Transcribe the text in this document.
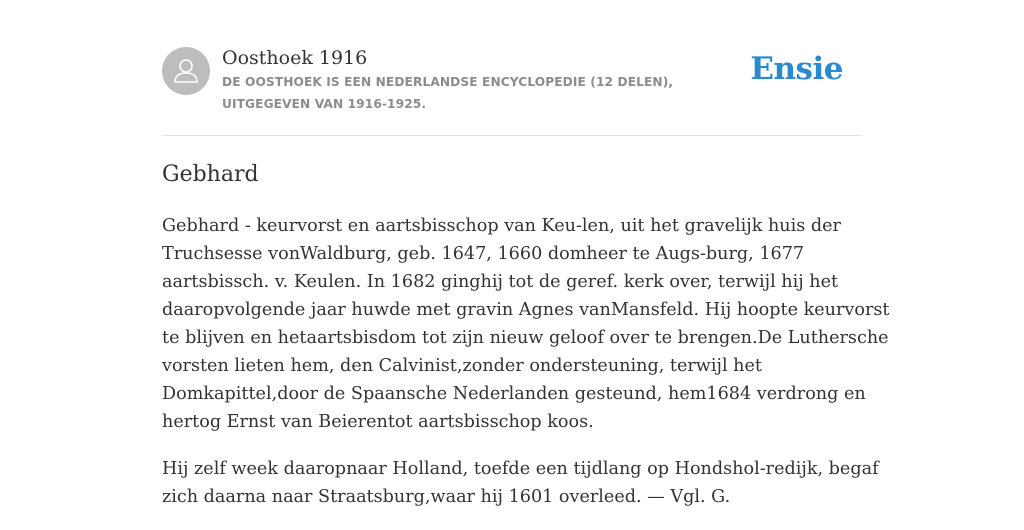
Oosthoek 1916
DE OOSTHOEK IS EEN NEDERLANDSE ENCYCLOPEDIE (12 DELEN), UITGEGEVEN VAN 1916-1925.
Ensie
Gebhard

Gebhard - keurvorst en aartsbisschop van Keu-len, uit het gravelijk huis der
Truchsesse vonWaldburg, geb. 1647, 1660 domheer te Augs-burg, 1677
aartsbissch. v. Keulen. In 1682 ginghij tot de geref. kerk over, terwijl hij het
daaropvolgende jaar huwde met gravin Agnes vanMansfeld. Hij hoopte keurvorst
te blijven en hetaartsbisdom tot zijn nieuw geloof over te brengen.De Luthersche
vorsten lieten hem, den Calvinist,zonder ondersteuning, terwijl het
Domkapittel,door de Spaansche Nederlanden gesteund, hem1684 verdrong en
hertog Ernst van Beierentot aartsbisschop koos.

Hij zelf week daaropnaar Holland, toefde een tijdlang op Hondshol-redijk, begaf
zich daarna naar Straatsburg,waar hij 1601 overleed. — Vgl. G.
